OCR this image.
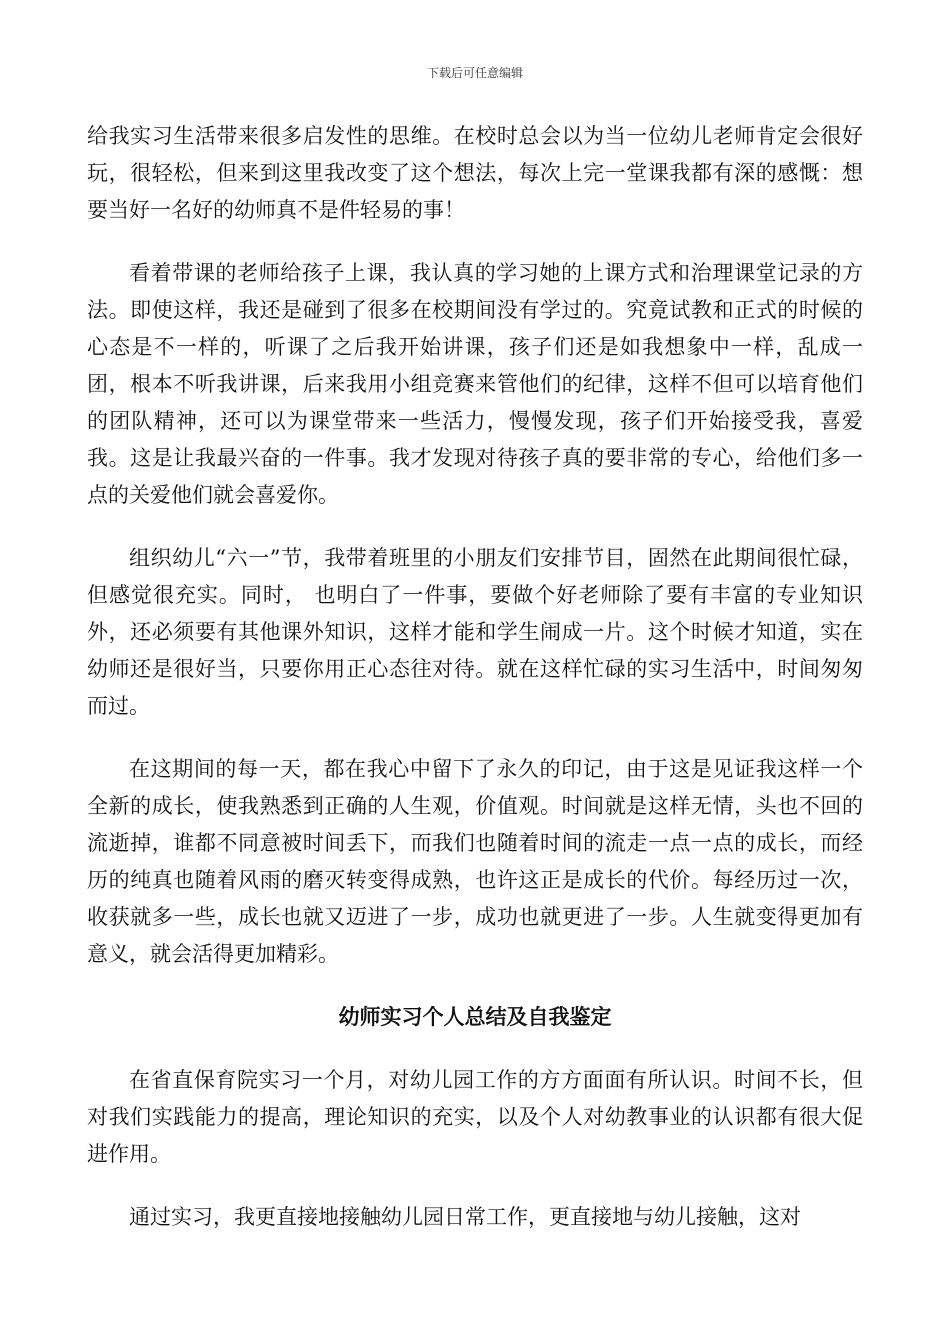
下载后可任意编辑

给我实习生活带来很多启发性的思维。在校时总会以为当一位幼儿老师肯定会很好玩，很轻松，但来到这里我改变了这个想法，每次上完一堂课我都有深的感慨：想要当好一名好的幼师真不是件轻易的事！

看着带课的老师给孩子上课，我认真的学习她的上课方式和治理课堂记录的方法。即使这样，我还是碰到了很多在校期间没有学过的。究竟试教和正式的时候的心态是不一样的，听课了之后我开始讲课，孩子们还是如我想象中一样，乱成一团，根本不听我讲课，后来我用小组竞赛来管他们的纪律，这样不但可以培育他们的团队精神，还可以为课堂带来一些活力，慢慢发现，孩子们开始接受我，喜爱我。这是让我最兴奋的一件事。我才发现对待孩子真的要非常的专心，给他们多一点的关爱他们就会喜爱你。

组织幼儿“六一”节，我带着班里的小朋友们安排节目，固然在此期间很忙碌，但感觉很充实。同时， 也明白了一件事，要做个好老师除了要有丰富的专业知识外，还必须要有其他课外知识，这样才能和学生闹成一片。这个时候才知道，实在幼师还是很好当，只要你用正心态往对待。就在这样忙碌的实习生活中，时间匆匆而过。

在这期间的每一天，都在我心中留下了永久的印记，由于这是见证我这样一个全新的成长，使我熟悉到正确的人生观，价值观。时间就是这样无情，头也不回的流逝掉，谁都不同意被时间丢下，而我们也随着时间的流走一点一点的成长，而经历的纯真也随着风雨的磨灭转变得成熟，也许这正是成长的代价。每经历过一次，收获就多一些，成长也就又迈进了一步，成功也就更进了一步。人生就变得更加有意义，就会活得更加精彩。

幼师实习个人总结及自我鉴定

在省直保育院实习一个月，对幼儿园工作的方方面面有所认识。时间不长，但对我们实践能力的提高，理论知识的充实，以及个人对幼教事业的认识都有很大促进作用。

通过实习，我更直接地接触幼儿园日常工作，更直接地与幼儿接触，这对
